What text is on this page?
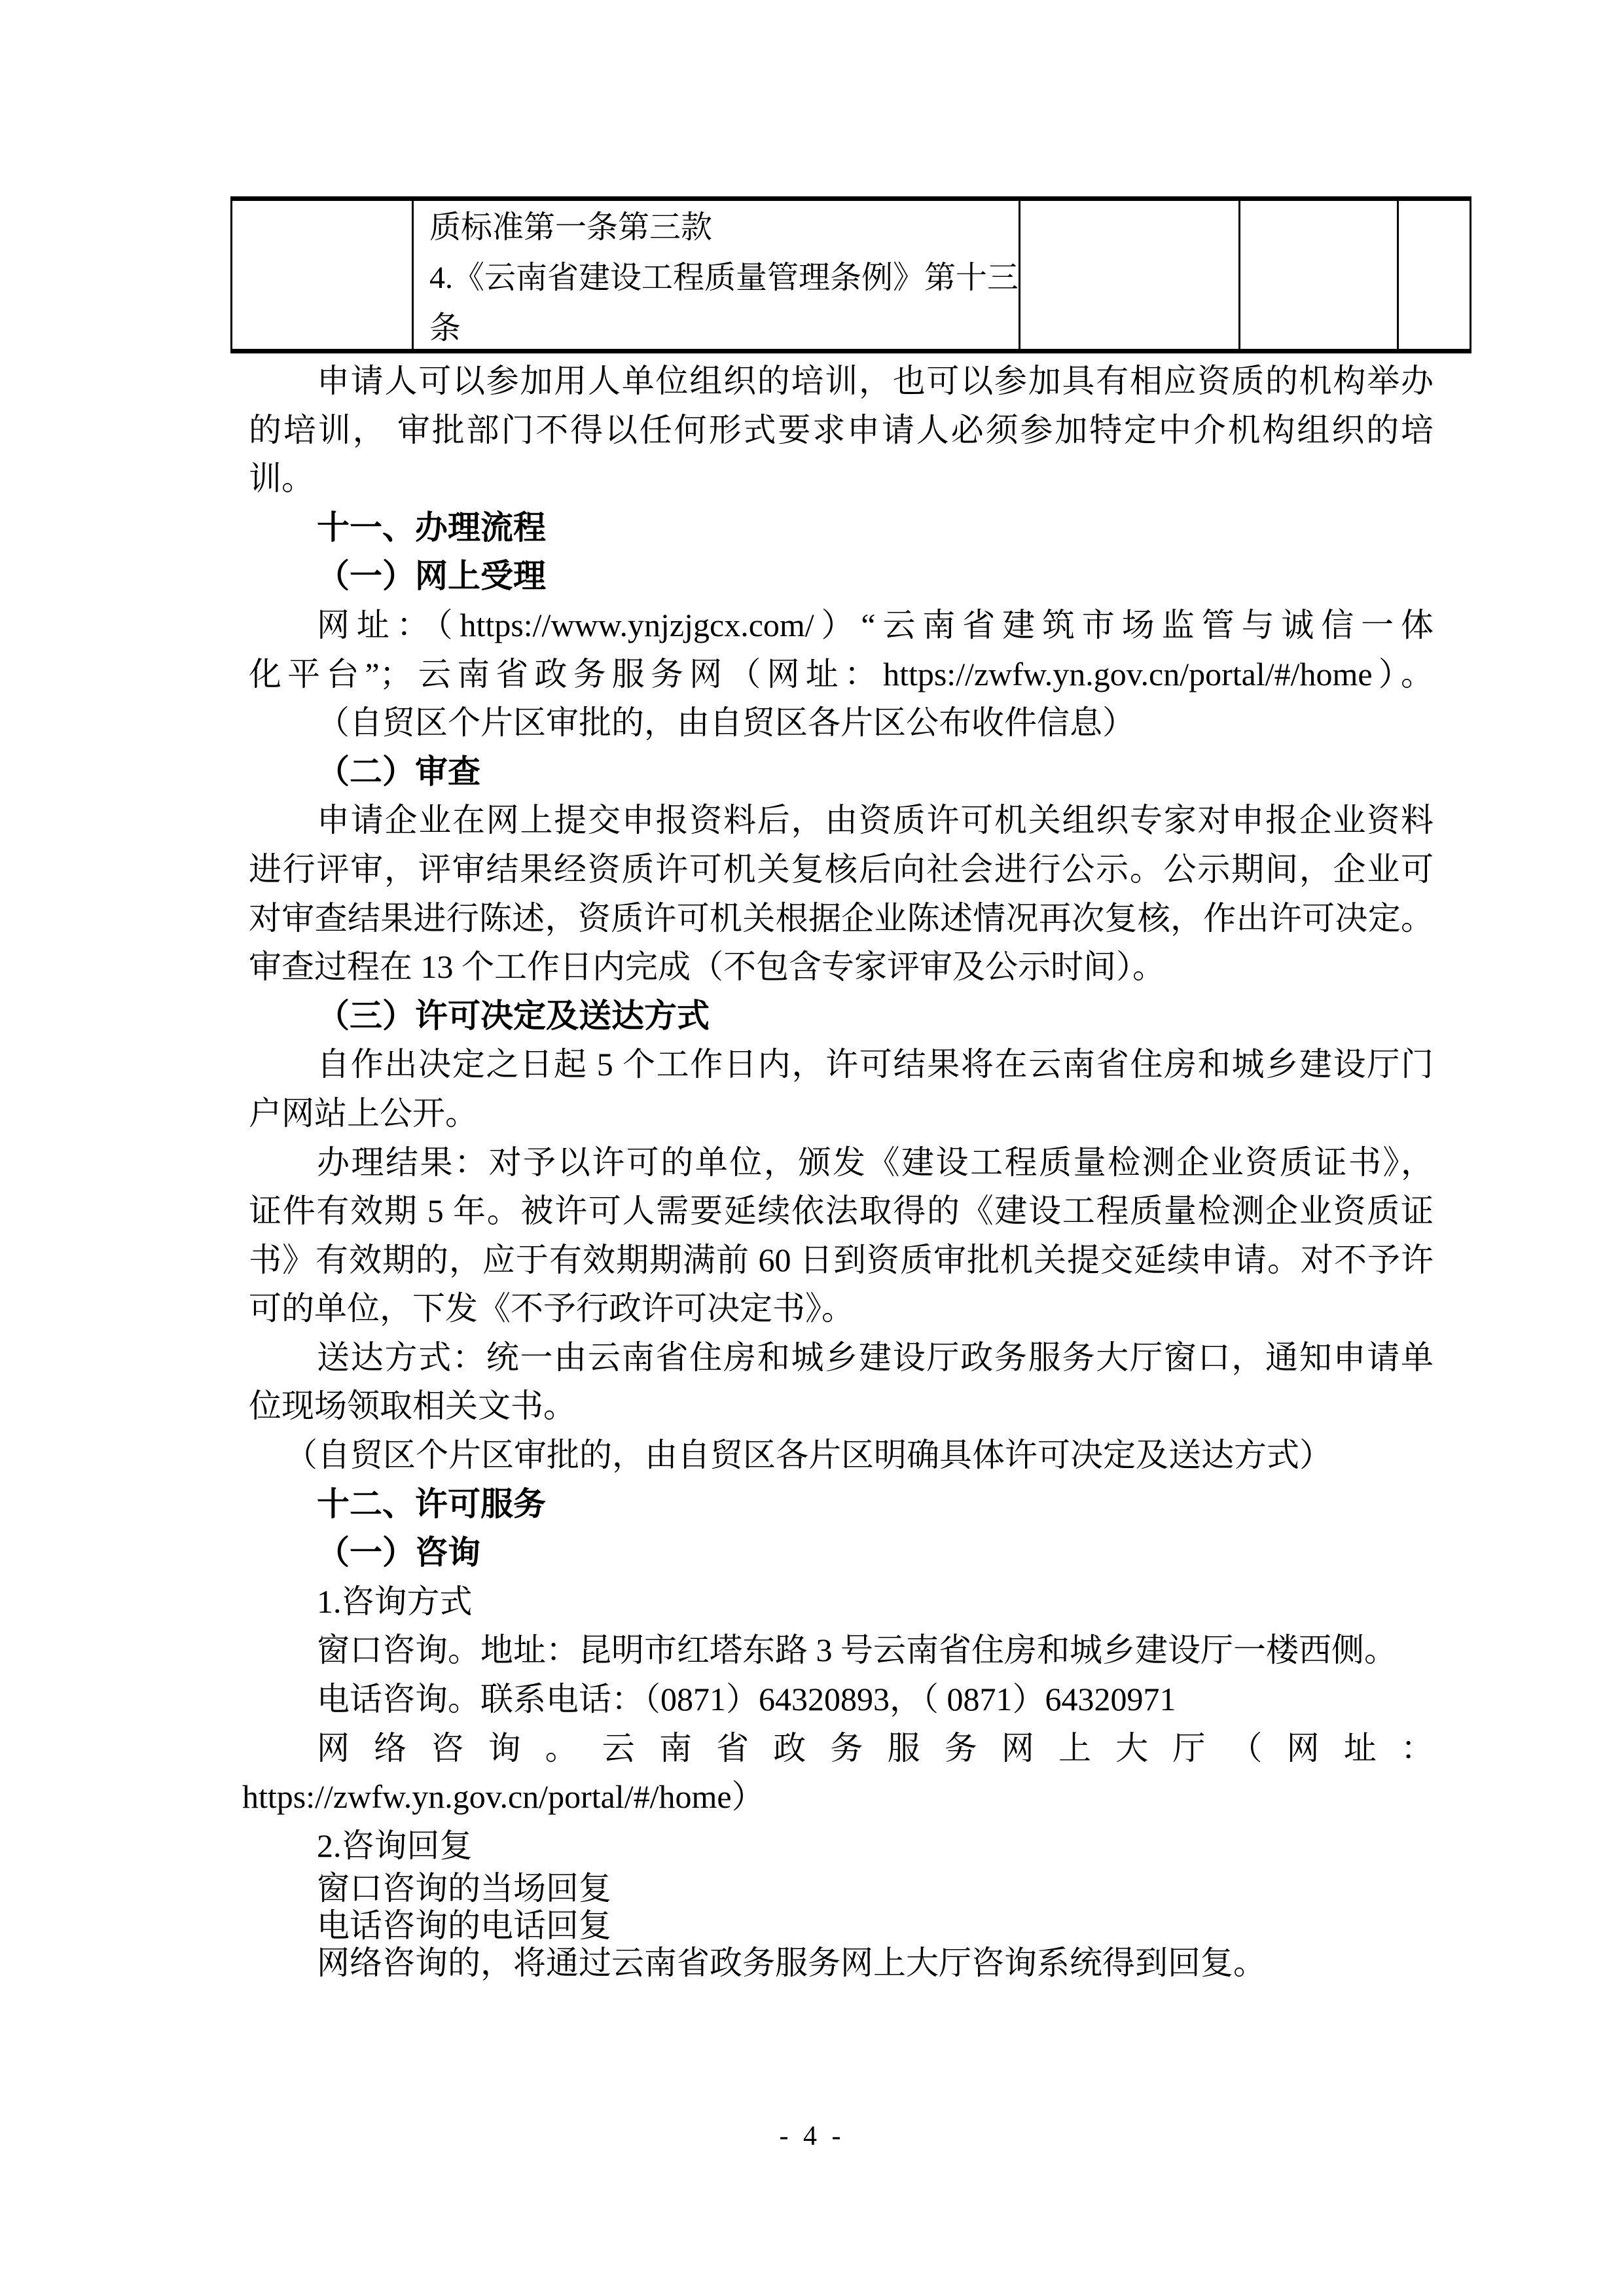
质标准第一条第三款
4.《云南省建设工程质量管理条例》第十三
条
申请人可以参加用人单位组织的培训，也可以参加具有相应资质的机构举办
的培训， 审批部门不得以任何形式要求申请人必须参加特定中介机构组织的培
训。
十一、办理流程
（一）网上受理
网址：（https://www.ynjzjgcx.com/）“云南省建筑市场监管与诚信一体
化平台”；云南省政务服务网（网址：https://zwfw.yn.gov.cn/portal/#/home）。
（自贸区个片区审批的，由自贸区各片区公布收件信息）
（二）审查
申请企业在网上提交申报资料后，由资质许可机关组织专家对申报企业资料
进行评审，评审结果经资质许可机关复核后向社会进行公示。公示期间，企业可
对审查结果进行陈述，资质许可机关根据企业陈述情况再次复核，作出许可决定。
审查过程在 13 个工作日内完成（不包含专家评审及公示时间）。
（三）许可决定及送达方式
自作出决定之日起 5 个工作日内，许可结果将在云南省住房和城乡建设厅门
户网站上公开。
办理结果：对予以许可的单位，颁发《建设工程质量检测企业资质证书》，
证件有效期 5 年。被许可人需要延续依法取得的《建设工程质量检测企业资质证
书》有效期的，应于有效期期满前 60 日到资质审批机关提交延续申请。对不予许
可的单位，下发《不予行政许可决定书》。
送达方式：统一由云南省住房和城乡建设厅政务服务大厅窗口，通知申请单
位现场领取相关文书。
（自贸区个片区审批的，由自贸区各片区明确具体许可决定及送达方式）
十二、许可服务
（一）咨询
1.咨询方式
窗口咨询。地址：昆明市红塔东路 3 号云南省住房和城乡建设厅一楼西侧。
电话咨询。联系电话：（0871）64320893，（ 0871）64320971
网络咨询。云南省政务服务网上大厅（网址：
https://zwfw.yn.gov.cn/portal/#/home）
2.咨询回复
窗口咨询的当场回复
电话咨询的电话回复
网络咨询的，将通过云南省政务服务网上大厅咨询系统得到回复。
- 4 -
